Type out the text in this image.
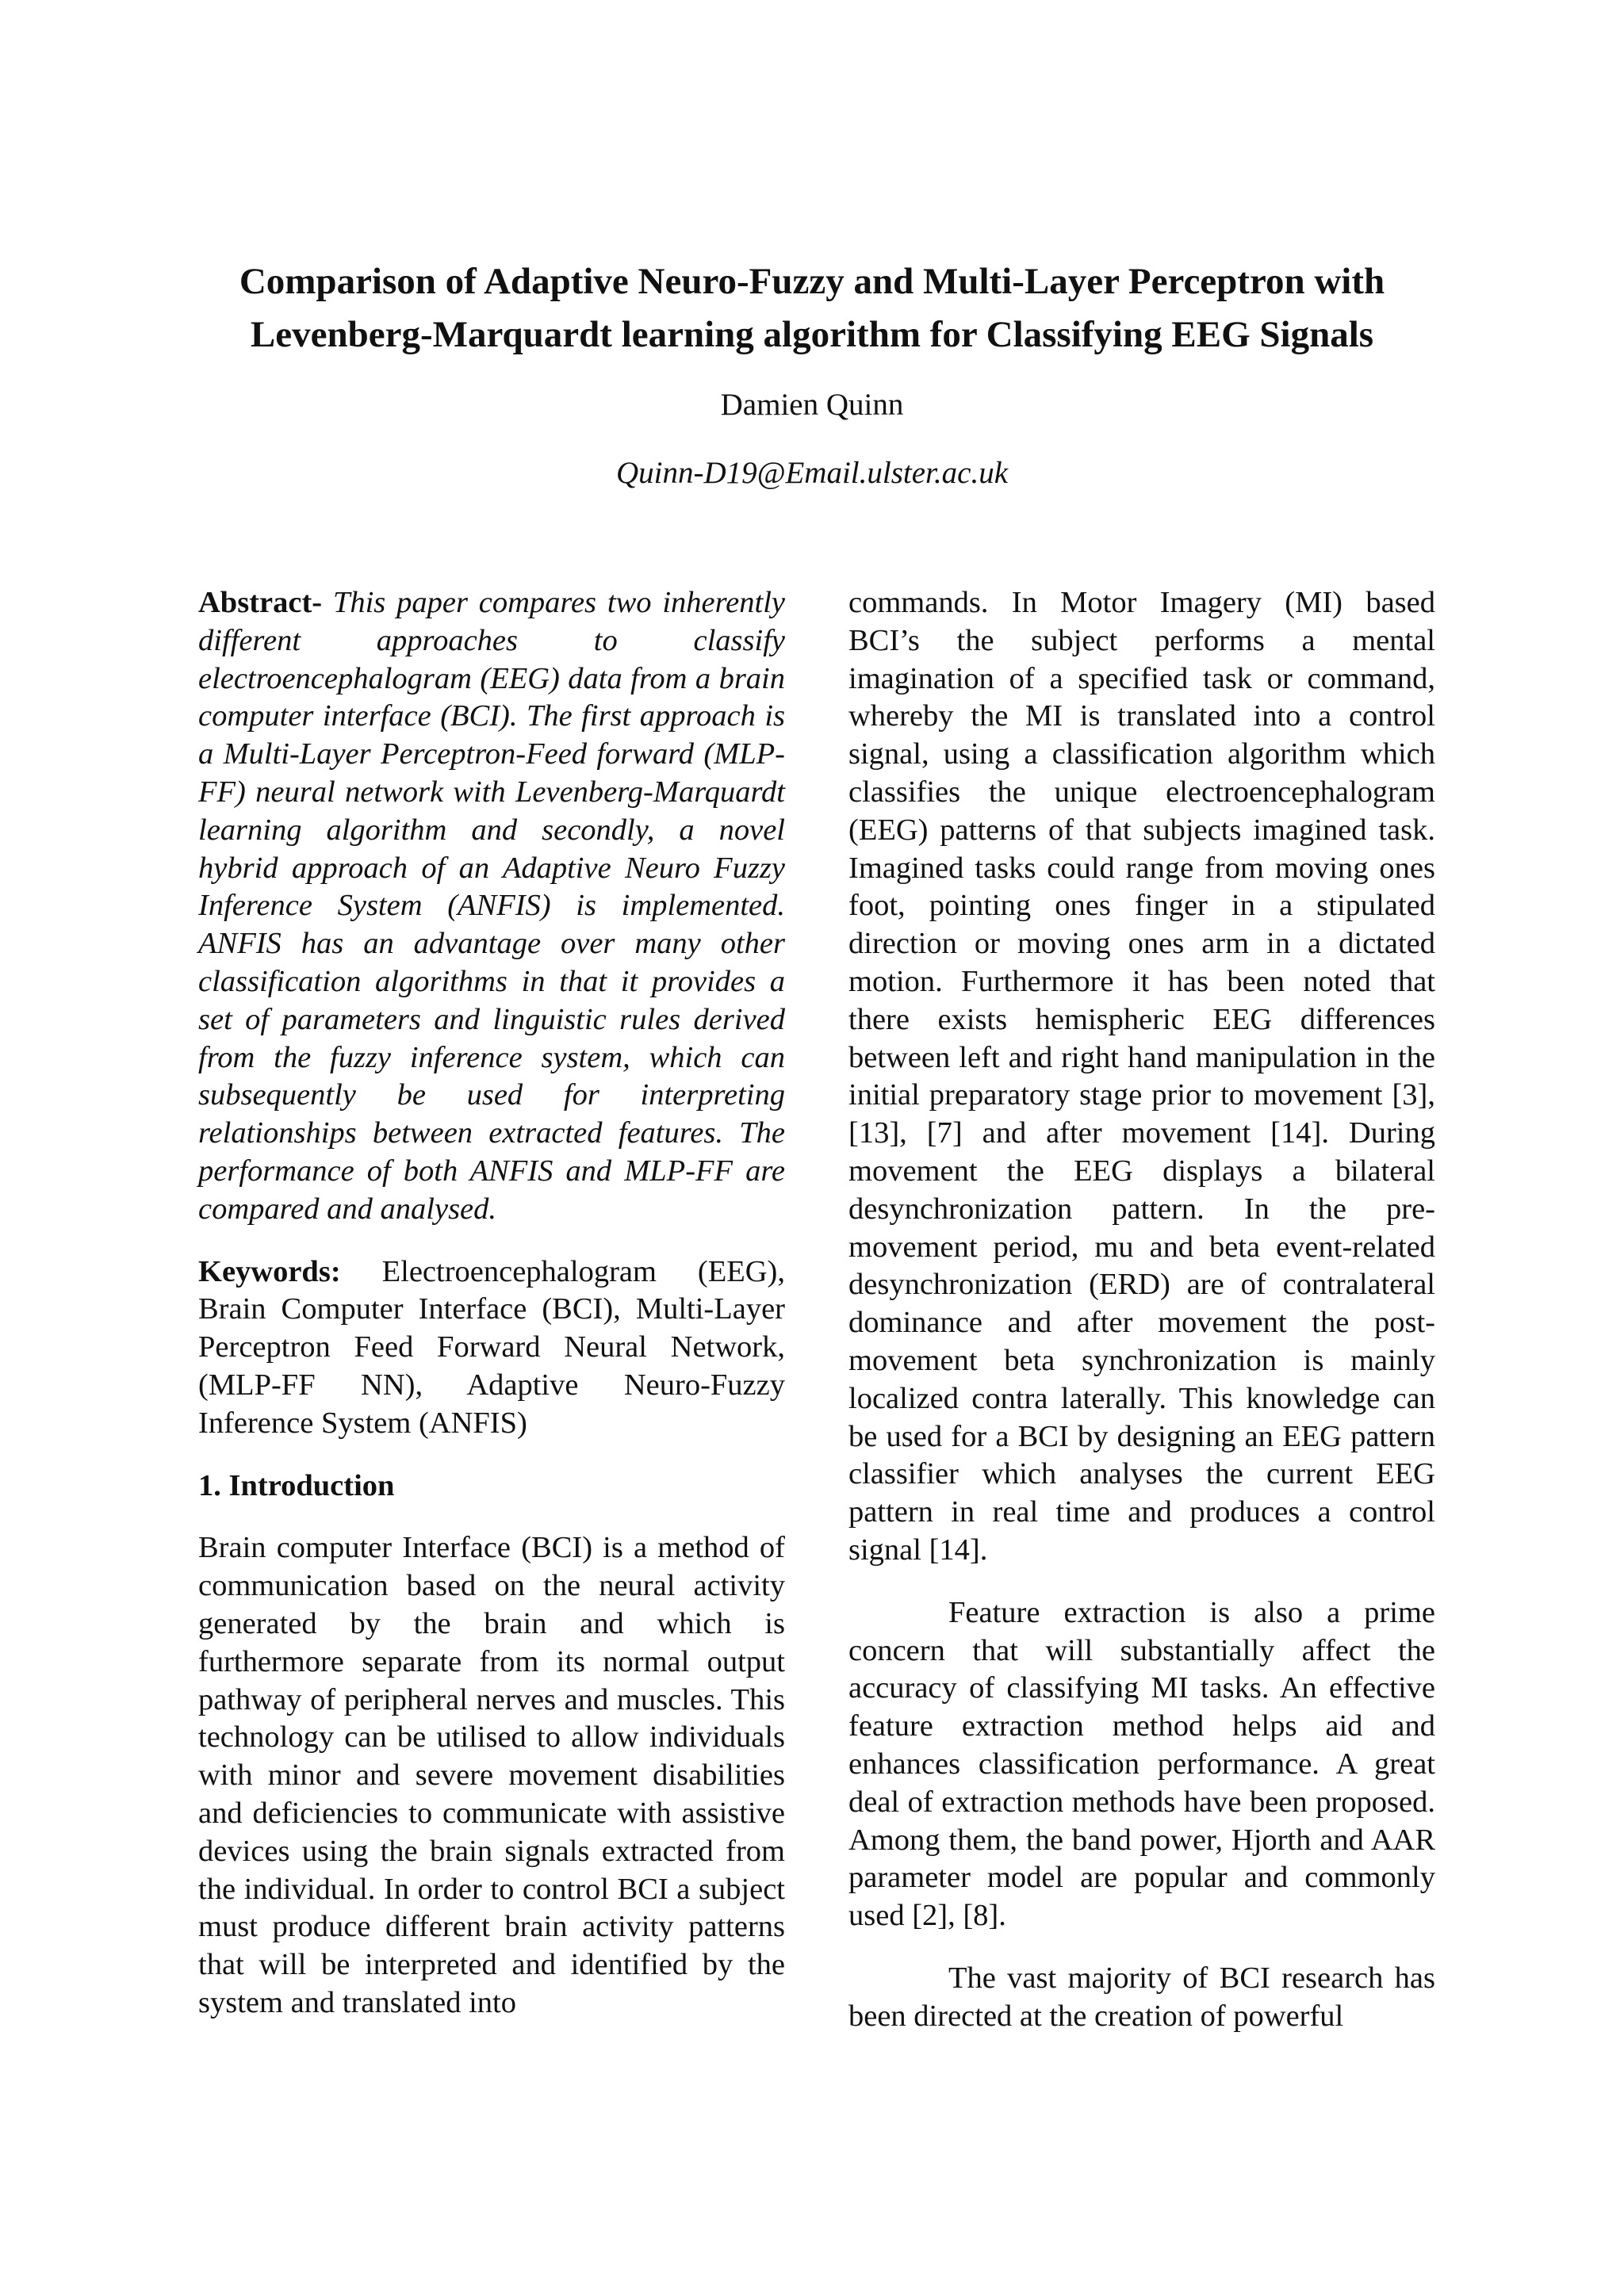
Comparison of Adaptive Neuro-Fuzzy and Multi-Layer Perceptron with
Levenberg-Marquardt learning algorithm for Classifying EEG Signals
Damien Quinn
Quinn-D19@Email.ulster.ac.uk

Abstract- This paper compares two inherently different approaches to classify electroencephalogram (EEG) data from a brain computer interface (BCI). The first approach is a Multi-Layer Perceptron-Feed forward (MLP-FF) neural network with Levenberg-Marquardt learning algorithm and secondly, a novel hybrid approach of an Adaptive Neuro Fuzzy Inference System (ANFIS) is implemented. ANFIS has an advantage over many other classification algorithms in that it provides a set of parameters and linguistic rules derived from the fuzzy inference system, which can subsequently be used for interpreting relationships between extracted features. The performance of both ANFIS and MLP-FF are compared and analysed.

Keywords: Electroencephalogram (EEG), Brain Computer Interface (BCI), Multi-Layer Perceptron Feed Forward Neural Network, (MLP-FF NN), Adaptive Neuro-Fuzzy Inference System (ANFIS)

1. Introduction

Brain computer Interface (BCI) is a method of communication based on the neural activity generated by the brain and which is furthermore separate from its normal output pathway of peripheral nerves and muscles. This technology can be utilised to allow individuals with minor and severe movement disabilities and deficiencies to communicate with assistive devices using the brain signals extracted from the individual. In order to control BCI a subject must produce different brain activity patterns that will be interpreted and identified by the system and translated into

commands. In Motor Imagery (MI) based BCI’s the subject performs a mental imagination of a specified task or command, whereby the MI is translated into a control signal, using a classification algorithm which classifies the unique electroencephalogram (EEG) patterns of that subjects imagined task. Imagined tasks could range from moving ones foot, pointing ones finger in a stipulated direction or moving ones arm in a dictated motion. Furthermore it has been noted that there exists hemispheric EEG differences between left and right hand manipulation in the initial preparatory stage prior to movement [3], [13], [7] and after movement [14]. During movement the EEG displays a bilateral desynchronization pattern. In the pre-movement period, mu and beta event-related desynchronization (ERD) are of contralateral dominance and after movement the post-movement beta synchronization is mainly localized contra laterally. This knowledge can be used for a BCI by designing an EEG pattern classifier which analyses the current EEG pattern in real time and produces a control signal [14].

Feature extraction is also a prime concern that will substantially affect the accuracy of classifying MI tasks. An effective feature extraction method helps aid and enhances classification performance. A great deal of extraction methods have been proposed. Among them, the band power, Hjorth and AAR parameter model are popular and commonly used [2], [8].

The vast majority of BCI research has been directed at the creation of powerful
